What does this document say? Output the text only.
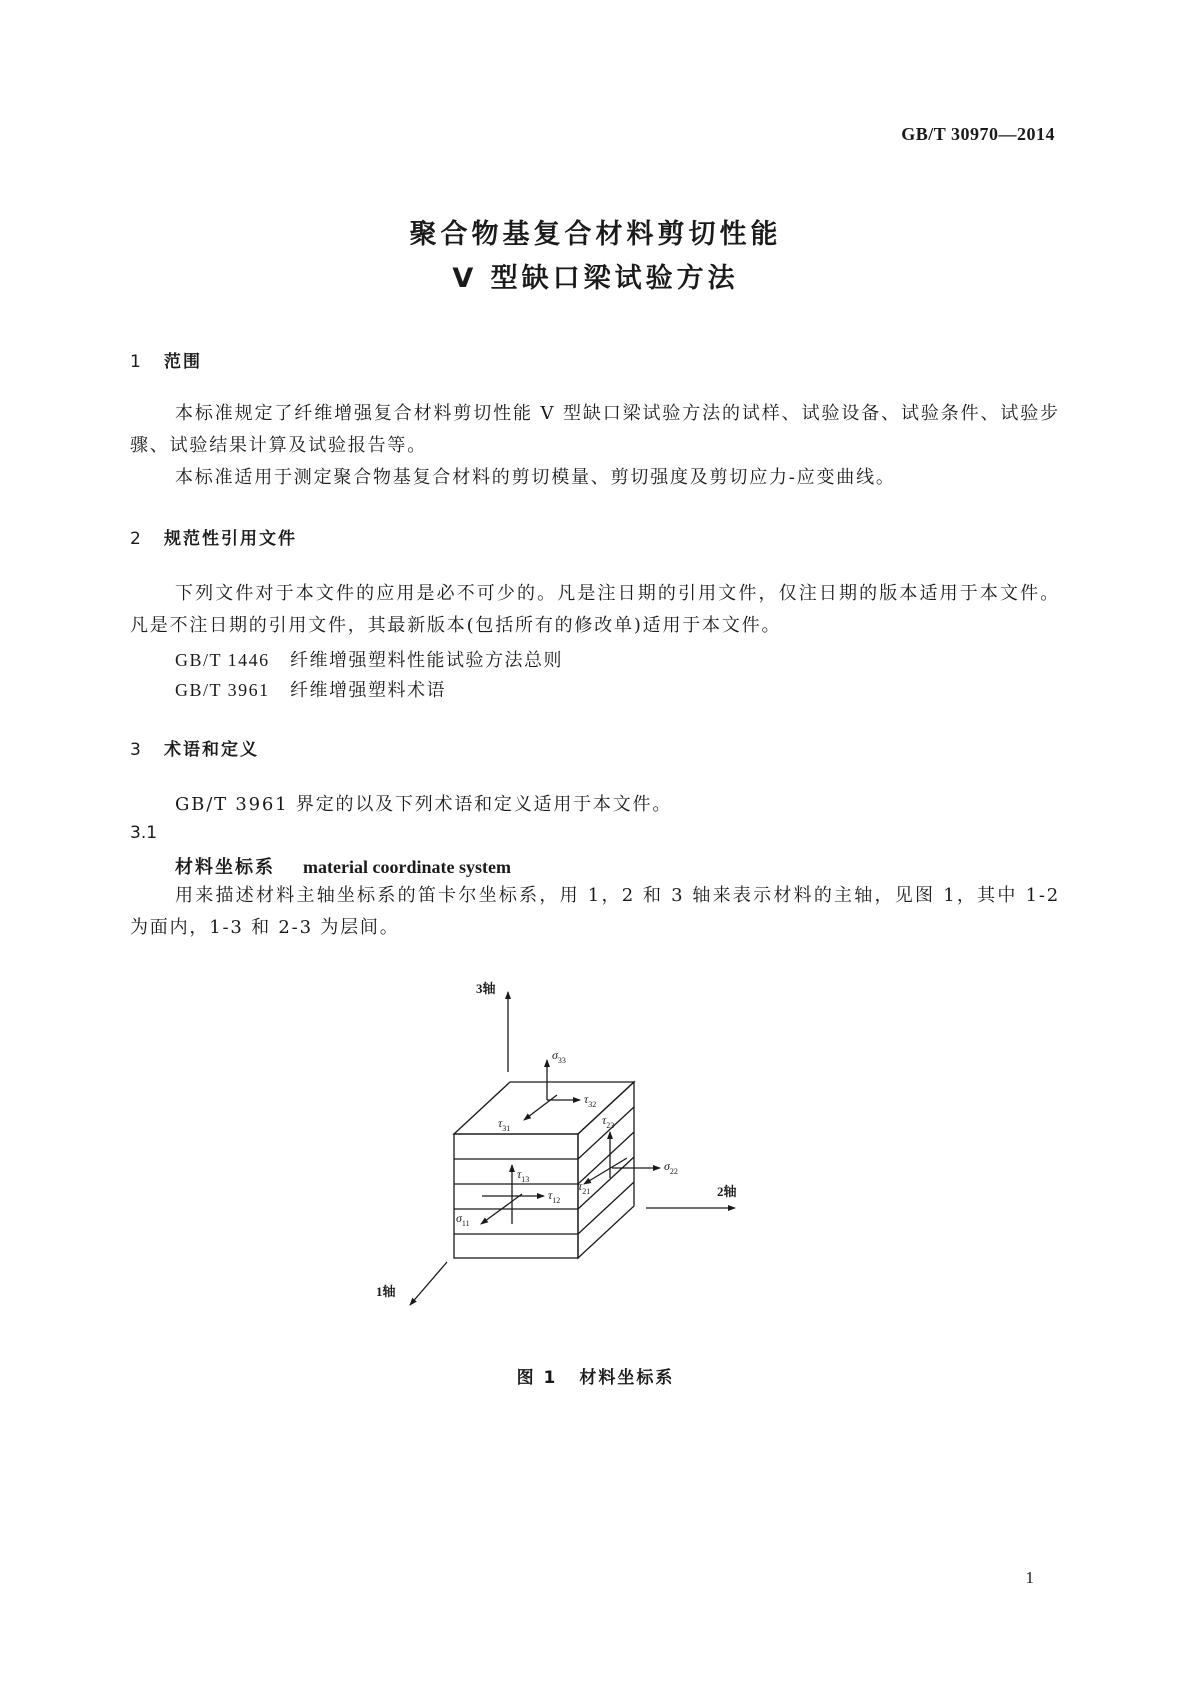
GB/T 30970—2014
聚合物基复合材料剪切性能
V 型缺口梁试验方法
1 范围
本标准规定了纤维增强复合材料剪切性能 V 型缺口梁试验方法的试样、试验设备、试验条件、试验步骤、试验结果计算及试验报告等。
本标准适用于测定聚合物基复合材料的剪切模量、剪切强度及剪切应力-应变曲线。
2 规范性引用文件
下列文件对于本文件的应用是必不可少的。凡是注日期的引用文件，仅注日期的版本适用于本文件。凡是不注日期的引用文件，其最新版本(包括所有的修改单)适用于本文件。
GB/T 1446 纤维增强塑料性能试验方法总则
GB/T 3961 纤维增强塑料术语
3 术语和定义
GB/T 3961 界定的以及下列术语和定义适用于本文件。
3.1
材料坐标系 material coordinate system
用来描述材料主轴坐标系的笛卡尔坐标系，用 1，2 和 3 轴来表示材料的主轴，见图 1，其中 1-2 为面内，1-3 和 2-3 为层间。
3轴
2轴
1轴
$\sigma_{33}$
$\tau_{32}$
$\tau_{31}$
$\tau_{23}$
$\sigma_{22}$
$\tau_{13}$	$\tau_{21}$
$\tau_{12}$
$\sigma_{11}$
图 1 材料坐标系
1
